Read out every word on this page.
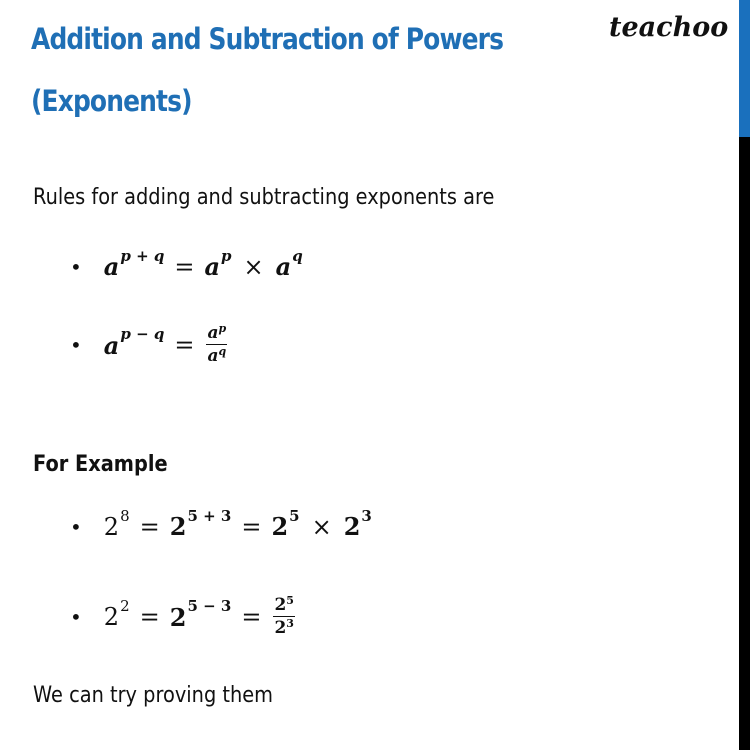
Addition and Subtraction of Powers
(Exponents)
teachoo
Rules for adding and subtracting exponents are
• a p + q = a p × a q
• a $p - q = \frac{a^p}{a^q}$
For Example
• 2 8 = 2 5 + 3 = 2 5 × 2 3
• 2 2 = 2 $5 - 3 = \frac{2^5}{2^3}$
We can try proving them
